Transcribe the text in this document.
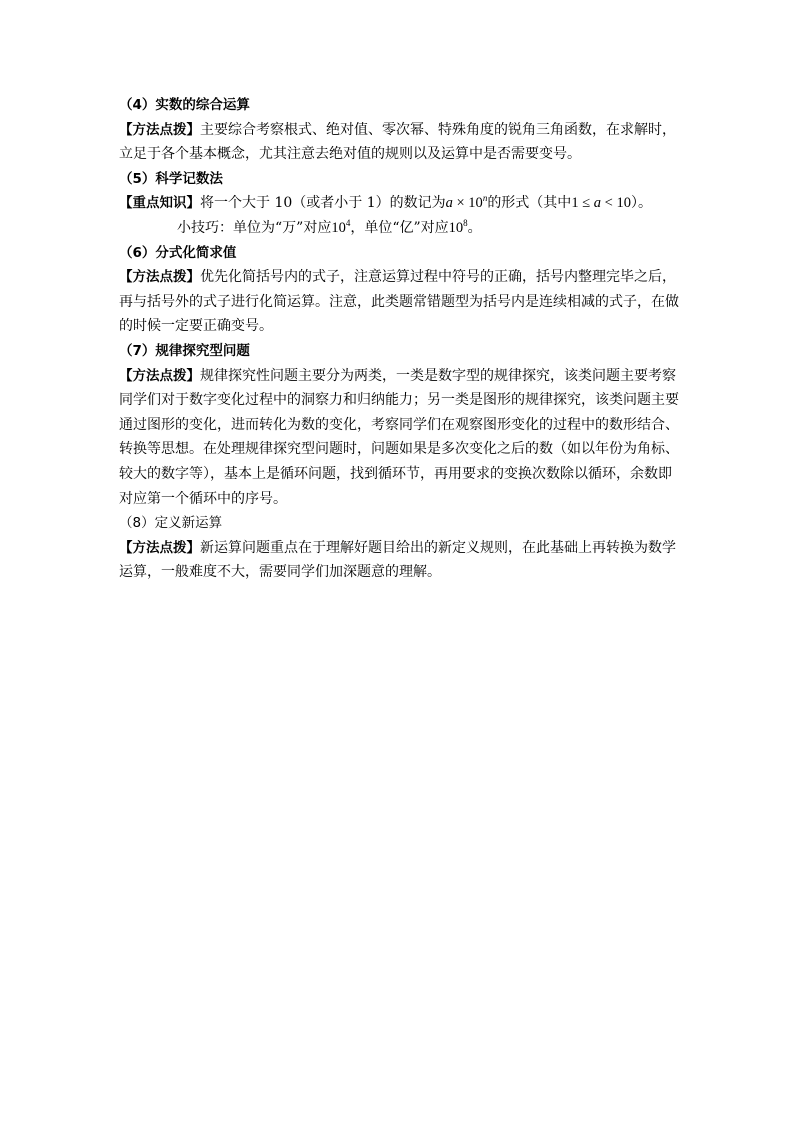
（4）实数的综合运算
【方法点拨】主要综合考察根式、绝对值、零次幂、特殊角度的锐角三角函数，在求解时，
立足于各个基本概念，尤其注意去绝对值的规则以及运算中是否需要变号。
（5）科学记数法
【重点知识】将一个大于 10（或者小于 1）的数记为$a \times 10^n$的形式（其中1 ≤ a < 10）。
小技巧：单位为“万”对应$10^4$，单位“亿”对应$10^8$。
（6）分式化简求值
【方法点拨】优先化简括号内的式子，注意运算过程中符号的正确，括号内整理完毕之后，
再与括号外的式子进行化简运算。注意，此类题常错题型为括号内是连续相减的式子，在做
的时候一定要正确变号。
（7）规律探究型问题
【方法点拨】规律探究性问题主要分为两类，一类是数字型的规律探究，该类问题主要考察
同学们对于数字变化过程中的洞察力和归纳能力；另一类是图形的规律探究，该类问题主要
通过图形的变化，进而转化为数的变化，考察同学们在观察图形变化的过程中的数形结合、
转换等思想。在处理规律探究型问题时，问题如果是多次变化之后的数（如以年份为角标、
较大的数字等），基本上是循环问题，找到循环节，再用要求的变换次数除以循环，余数即
对应第一个循环中的序号。
（8）定义新运算
【方法点拨】新运算问题重点在于理解好题目给出的新定义规则，在此基础上再转换为数学
运算，一般难度不大，需要同学们加深题意的理解。
